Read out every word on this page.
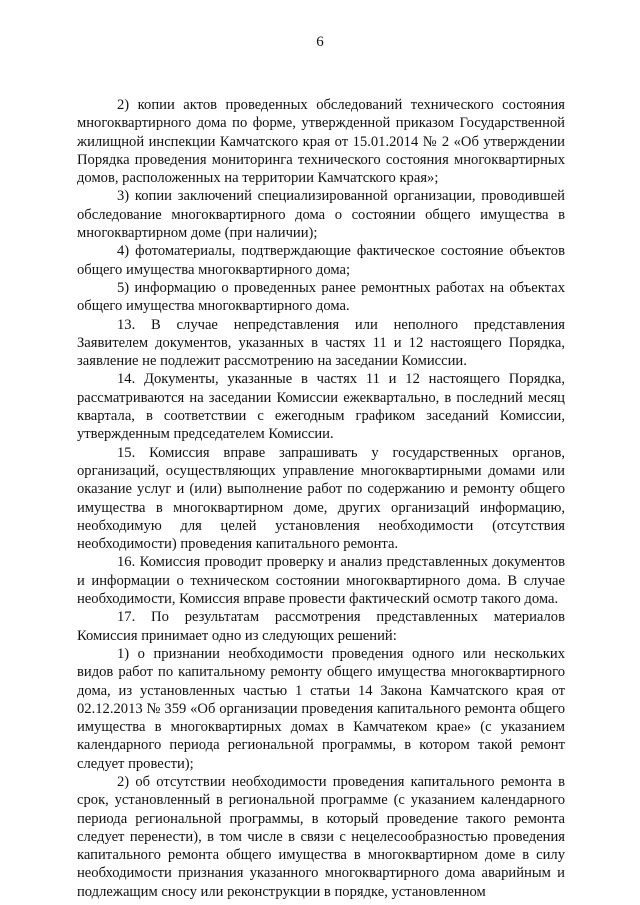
6

2) копии актов проведенных обследований технического состояния многоквартирного дома по форме, утвержденной приказом Государственной жилищной инспекции Камчатского края от 15.01.2014 № 2 «Об утверждении Порядка проведения мониторинга технического состояния многоквартирных домов, расположенных на территории Камчатского края»;

3) копии заключений специализированной организации, проводившей обследование многоквартирного дома о состоянии общего имущества в многоквартирном доме (при наличии);

4) фотоматериалы, подтверждающие фактическое состояние объектов общего имущества многоквартирного дома;

5) информацию о проведенных ранее ремонтных работах на объектах общего имущества многоквартирного дома.

13. В случае непредставления или неполного представления Заявителем документов, указанных в частях 11 и 12 настоящего Порядка, заявление не подлежит рассмотрению на заседании Комиссии.

14. Документы, указанные в частях 11 и 12 настоящего Порядка, рассматриваются на заседании Комиссии ежеквартально, в последний месяц квартала, в соответствии с ежегодным графиком заседаний Комиссии, утвержденным председателем Комиссии.

15. Комиссия вправе запрашивать у государственных органов, организаций, осуществляющих управление многоквартирными домами или оказание услуг и (или) выполнение работ по содержанию и ремонту общего имущества в многоквартирном доме, других организаций информацию, необходимую для целей установления необходимости (отсутствия необходимости) проведения капитального ремонта.

16. Комиссия проводит проверку и анализ представленных документов и информации о техническом состоянии многоквартирного дома. В случае необходимости, Комиссия вправе провести фактический осмотр такого дома.

17. По результатам рассмотрения представленных материалов Комиссия принимает одно из следующих решений:

1) о признании необходимости проведения одного или нескольких видов работ по капитальному ремонту общего имущества многоквартирного дома, из установленных частью 1 статьи 14 Закона Камчатского края от 02.12.2013 № 359 «Об организации проведения капитального ремонта общего имущества в многоквартирных домах в Камчатеком крае» (с указанием календарного периода региональной программы, в котором такой ремонт следует провести);

2) об отсутствии необходимости проведения капитального ремонта в срок, установленный в региональной программе (с указанием календарного периода региональной программы, в который проведение такого ремонта следует перенести), в том числе в связи с нецелесообразностью проведения капитального ремонта общего имущества в многоквартирном доме в силу необходимости признания указанного многоквартирного дома аварийным и подлежащим сносу или реконструкции в порядке, установленном
